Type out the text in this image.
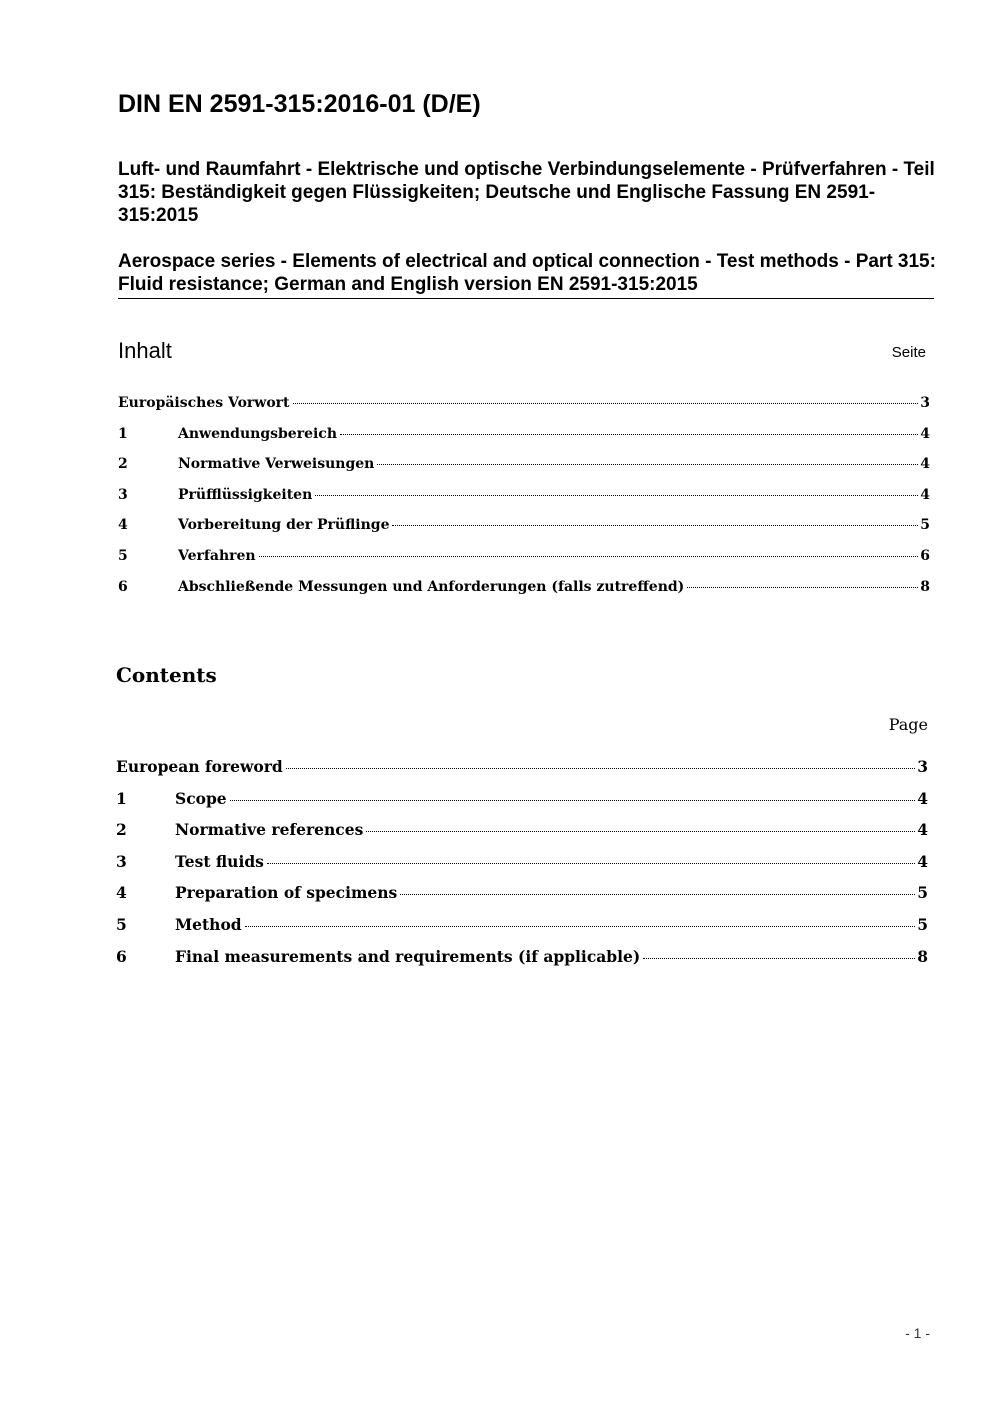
DIN EN 2591-315:2016-01 (D/E)
Luft- und Raumfahrt - Elektrische und optische Verbindungselemente - Prüfverfahren - Teil 315: Beständigkeit gegen Flüssigkeiten; Deutsche und Englische Fassung EN 2591-315:2015
Aerospace series - Elements of electrical and optical connection - Test methods - Part 315: Fluid resistance; German and English version EN 2591-315:2015
Inhalt	Seite
Europäisches Vorwort	3
1	Anwendungsbereich	4
2	Normative Verweisungen	4
3	Prüfflüssigkeiten	4
4	Vorbereitung der Prüflinge	5
5	Verfahren	6
6	Abschließende Messungen und Anforderungen (falls zutreffend)	8
Contents
Page
European foreword	3
1	Scope	4
2	Normative references	4
3	Test fluids	4
4	Preparation of specimens	5
5	Method	5
6	Final measurements and requirements (if applicable)	8
- 1 -
